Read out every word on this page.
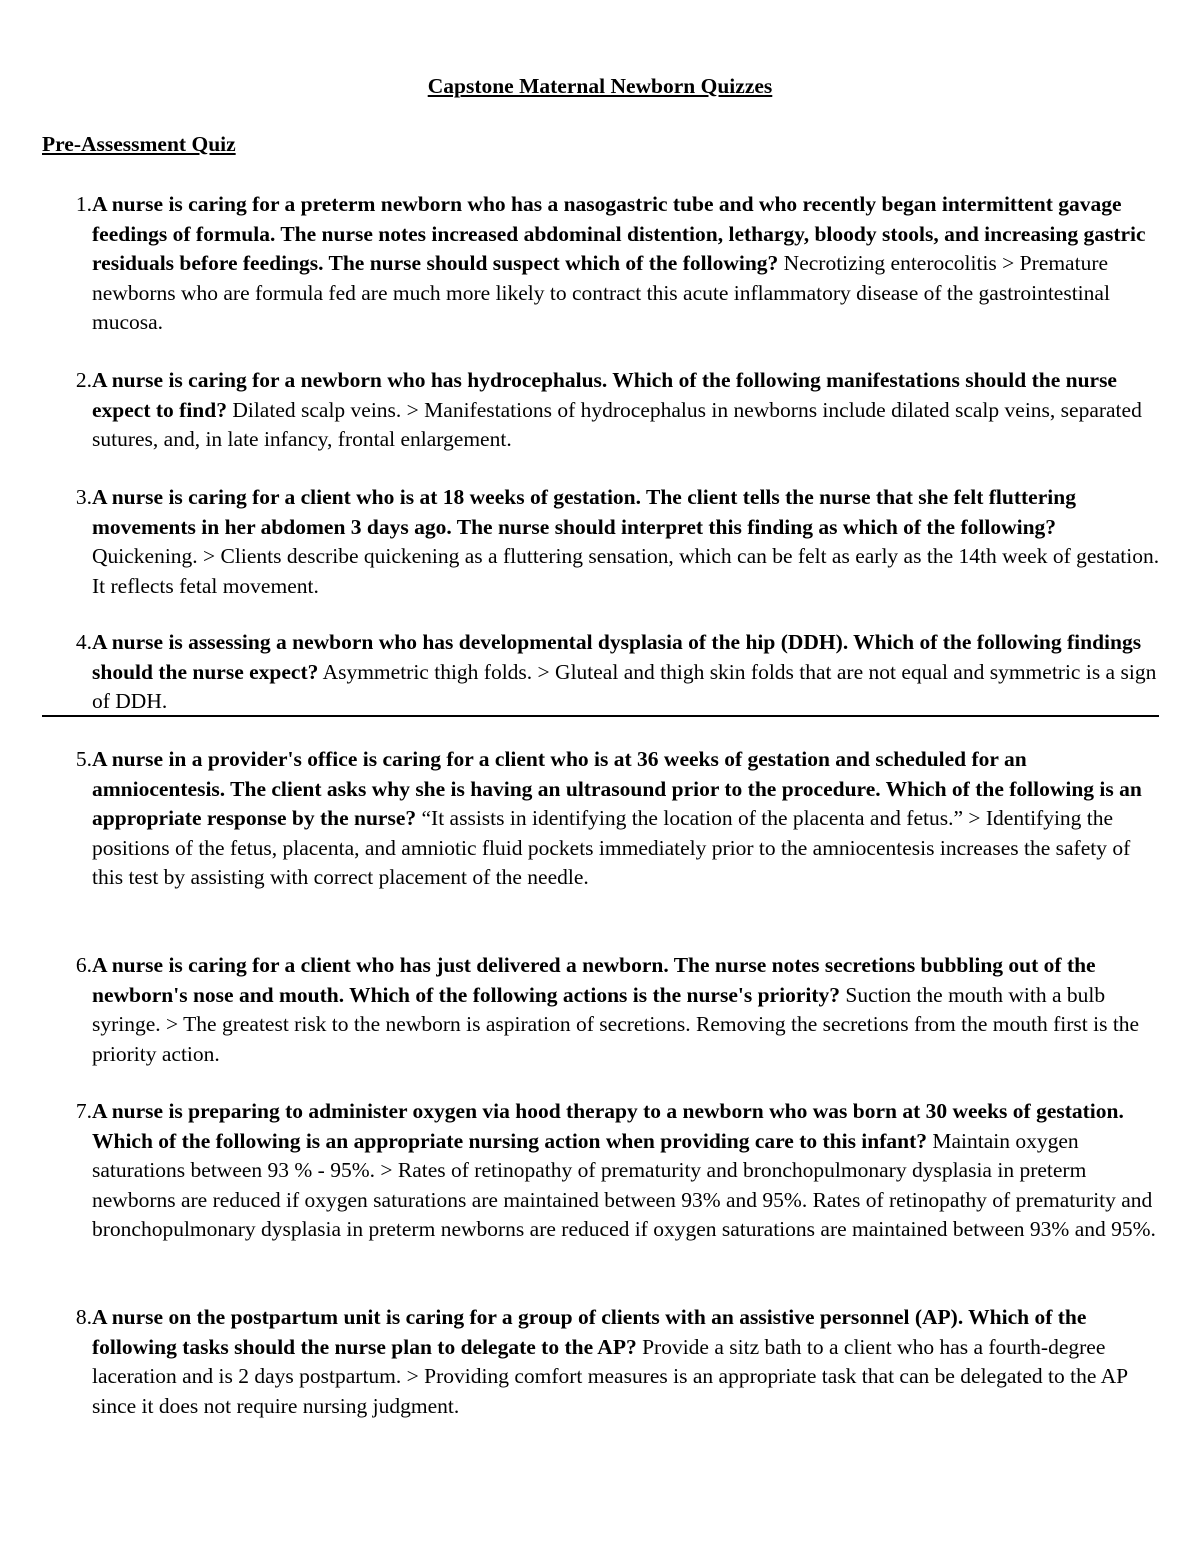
Capstone Maternal Newborn Quizzes
Pre-Assessment Quiz
1. A nurse is caring for a preterm newborn who has a nasogastric tube and who recently began intermittent gavage feedings of formula. The nurse notes increased abdominal distention, lethargy, bloody stools, and increasing gastric residuals before feedings. The nurse should suspect which of the following? Necrotizing enterocolitis > Premature newborns who are formula fed are much more likely to contract this acute inflammatory disease of the gastrointestinal mucosa.
2. A nurse is caring for a newborn who has hydrocephalus. Which of the following manifestations should the nurse expect to find? Dilated scalp veins. > Manifestations of hydrocephalus in newborns include dilated scalp veins, separated sutures, and, in late infancy, frontal enlargement.
3. A nurse is caring for a client who is at 18 weeks of gestation. The client tells the nurse that she felt fluttering movements in her abdomen 3 days ago. The nurse should interpret this finding as which of the following? Quickening. > Clients describe quickening as a fluttering sensation, which can be felt as early as the 14th week of gestation. It reflects fetal movement.
4. A nurse is assessing a newborn who has developmental dysplasia of the hip (DDH). Which of the following findings should the nurse expect? Asymmetric thigh folds. > Gluteal and thigh skin folds that are not equal and symmetric is a sign of DDH.
5. A nurse in a provider's office is caring for a client who is at 36 weeks of gestation and scheduled for an amniocentesis. The client asks why she is having an ultrasound prior to the procedure. Which of the following is an appropriate response by the nurse? “It assists in identifying the location of the placenta and fetus.” > Identifying the positions of the fetus, placenta, and amniotic fluid pockets immediately prior to the amniocentesis increases the safety of this test by assisting with correct placement of the needle.
6. A nurse is caring for a client who has just delivered a newborn. The nurse notes secretions bubbling out of the newborn's nose and mouth. Which of the following actions is the nurse's priority? Suction the mouth with a bulb syringe. > The greatest risk to the newborn is aspiration of secretions. Removing the secretions from the mouth first is the priority action.
7. A nurse is preparing to administer oxygen via hood therapy to a newborn who was born at 30 weeks of gestation. Which of the following is an appropriate nursing action when providing care to this infant? Maintain oxygen saturations between 93 % - 95%. > Rates of retinopathy of prematurity and bronchopulmonary dysplasia in preterm newborns are reduced if oxygen saturations are maintained between 93% and 95%. Rates of retinopathy of prematurity and bronchopulmonary dysplasia in preterm newborns are reduced if oxygen saturations are maintained between 93% and 95%.
8. A nurse on the postpartum unit is caring for a group of clients with an assistive personnel (AP). Which of the following tasks should the nurse plan to delegate to the AP? Provide a sitz bath to a client who has a fourth-degree laceration and is 2 days postpartum. > Providing comfort measures is an appropriate task that can be delegated to the AP since it does not require nursing judgment.
